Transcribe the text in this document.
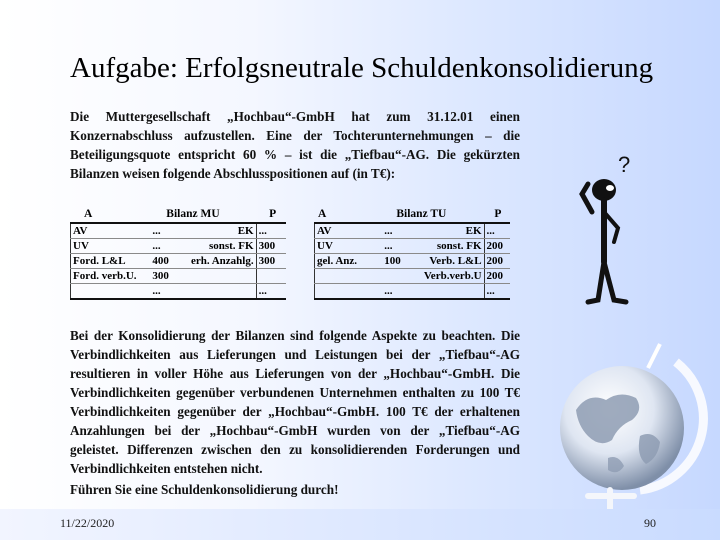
Aufgabe: Erfolgsneutrale Schuldenkonsolidierung
Die Muttergesellschaft „Hochbau“-GmbH hat zum 31.12.01 einen Konzernabschluss aufzustellen. Eine der Tochterunternehmungen – die Beteiligungsquote entspricht 60 % – ist die „Tiefbau“-AG. Die gekürzten Bilanzen weisen folgende Abschlusspositionen auf (in T€):
A	Bilanz MU	P
AV	...	EK	...
UV	...	sonst. FK	300
Ford. L&L	400	erh. Anzahlg.	300
Ford. verb.U.	300		
	...		...
A	Bilanz TU	P
AV	...	EK	...
UV	...	sonst. FK	200
gel. Anz.	100	Verb. L&L	200
		Verb.verb.U	200
	...		...
?
Bei der Konsolidierung der Bilanzen sind folgende Aspekte zu beachten. Die Verbindlichkeiten aus Lieferungen und Leistungen bei der „Tiefbau“-AG resultieren in voller Höhe aus Lieferungen von der „Hochbau“-GmbH. Die Verbindlichkeiten gegenüber verbundenen Unternehmen enthalten zu 100 T€ Verbindlichkeiten gegenüber der „Hochbau“-GmbH. 100 T€ der erhaltenen Anzahlungen bei der „Hochbau“-GmbH wurden von der „Tiefbau“-AG geleistet. Differenzen zwischen den zu konsolidierenden Forderungen und Verbindlichkeiten entstehen nicht.
Führen Sie eine Schuldenkonsolidierung durch!
11/22/2020	90
